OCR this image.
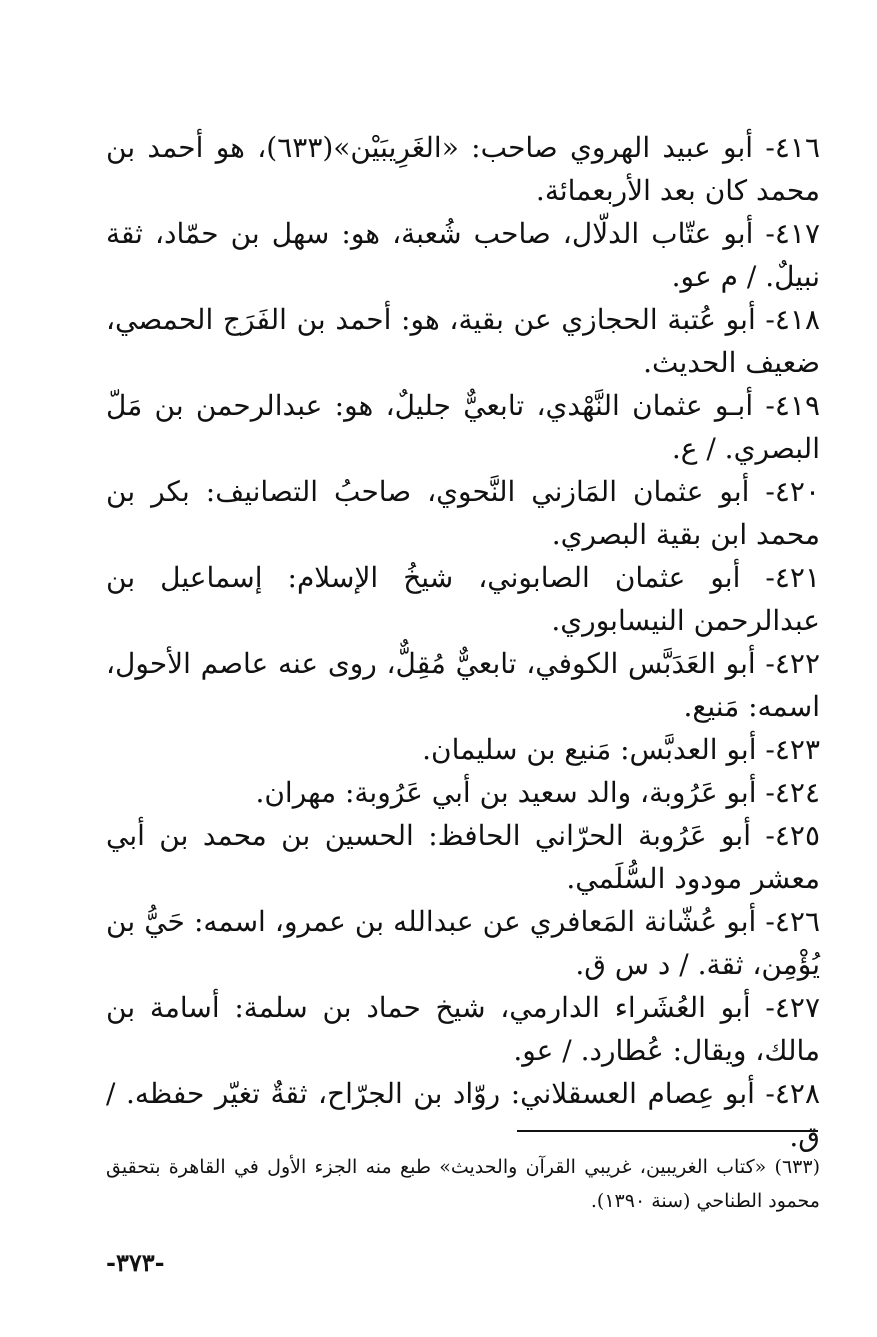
٤١٦- أبو عبيد الهروي صاحب: «الغَرِيبَيْن»(٦٣٣)، هو أحمد بن محمد كان بعد الأربعمائة.

٤١٧- أبو عتّاب الدلّال، صاحب شُعبة، هو: سهل بن حمّاد، ثقة نبيلٌ. / م عو.

٤١٨- أبو عُتبة الحجازي عن بقية، هو: أحمد بن الفَرَج الحمصي، ضعيف الحديث.

٤١٩- أبـو عثمان النَّهْدي، تابعيٌّ جليلٌ، هو: عبدالرحمن بن مَلّ البصري. / ع.

٤٢٠- أبو عثمان المَازني النَّحوي، صاحبُ التصانيف: بكر بن محمد ابن بقية البصري.

٤٢١- أبو عثمان الصابوني، شيخُ الإسلام: إسماعيل بن عبدالرحمن النيسابوري.

٤٢٢- أبو العَدَبَّس الكوفي، تابعيٌّ مُقِلٌّ، روى عنه عاصم الأحول، اسمه: مَنيع.

٤٢٣- أبو العدبَّس: مَنيع بن سليمان.

٤٢٤- أبو عَرُوبة، والد سعيد بن أبي عَرُوبة: مهران.

٤٢٥- أبو عَرُوبة الحرّاني الحافظ: الحسين بن محمد بن أبي معشر مودود السُّلَمي.

٤٢٦- أبو عُشّانة المَعافري عن عبدالله بن عمرو، اسمه: حَيُّ بن يُؤْمِن، ثقة. / د س ق.

٤٢٧- أبو العُشَراء الدارمي، شيخ حماد بن سلمة: أسامة بن مالك، ويقال: عُطارد. / عو.

٤٢٨- أبو عِصام العسقلاني: روّاد بن الجرّاح، ثقةٌ تغيّر حفظه. / ق.

(٦٣٣) «كتاب الغريبين، غريبي القرآن والحديث» طبع منه الجزء الأول في القاهرة بتحقيق محمود الطناحي (سنة ١٣٩٠).
-٣٧٣-
